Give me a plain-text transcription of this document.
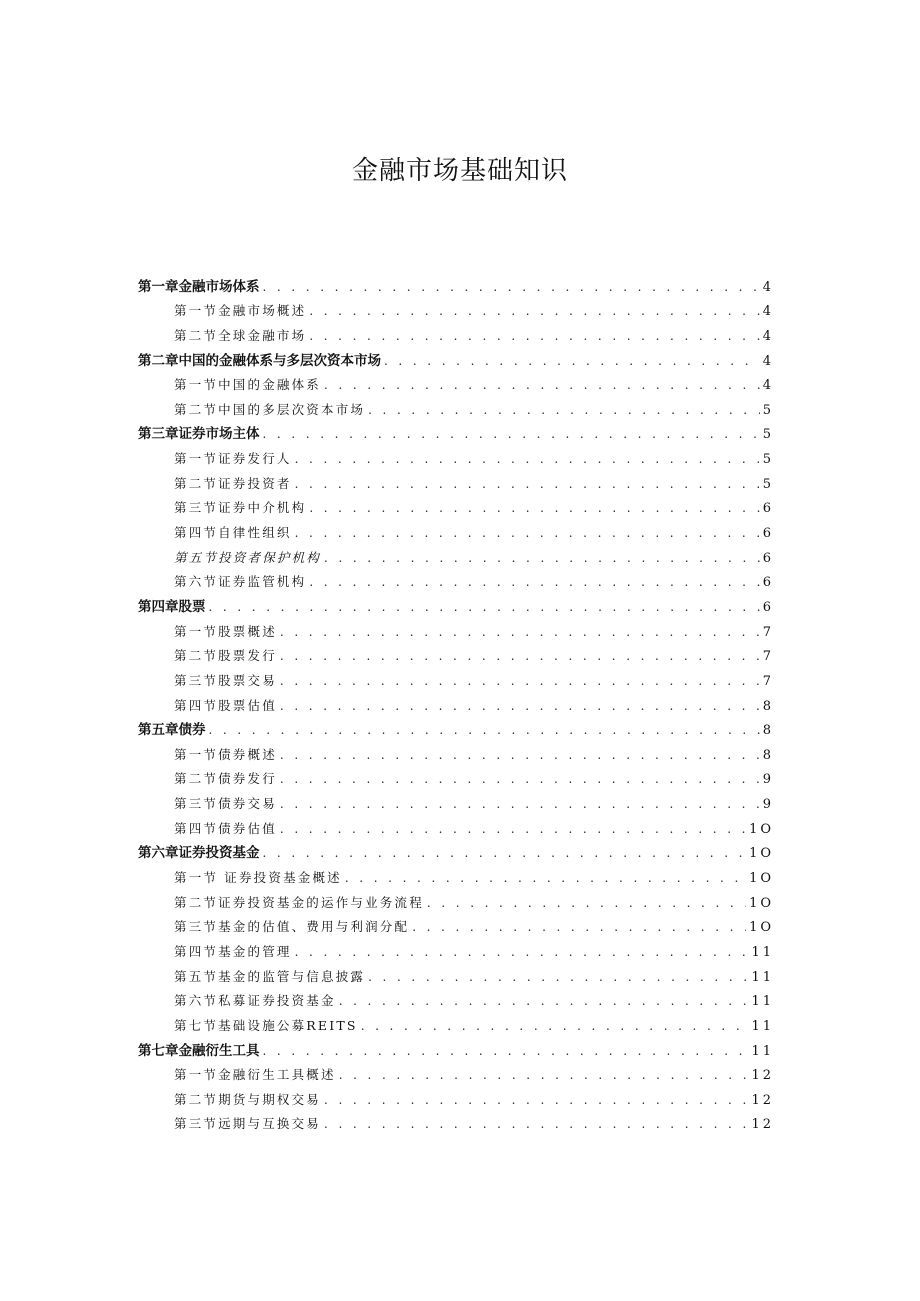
金融市场基础知识
第一章金融市场体系 . . .	4
第一节金融市场概述 . . .	4
第二节全球金融市场 . . .	4
第二章中国的金融体系与多层次资本市场 . . .	4
第一节中国的金融体系 . . .	4
第二节中国的多层次资本市场 . . .	5
第三章证券市场主体 . . .	5
第一节证券发行人 . . .	5
第二节证券投资者 . . .	5
第三节证券中介机构 . . .	6
第四节自律性组织 . . .	6
第五节投资者保护机构 . . .	6
第六节证券监管机构 . . .	6
第四章股票 . . .	6
第一节股票概述 . . .	7
第二节股票发行 . . .	7
第三节股票交易 . . .	7
第四节股票估值 . . .	8
第五章债券 . . .	8
第一节债券概述 . . .	8
第二节债券发行 . . .	9
第三节债券交易 . . .	9
第四节债券估值 . . .	1O
第六章证券投资基金 . . .	1O
第一节 证券投资基金概述 . . .	1O
第二节证券投资基金的运作与业务流程 . . .	1O
第三节基金的估值、费用与利润分配 . . .	1O
第四节基金的管理 . . .	11
第五节基金的监管与信息披露 . . .	11
第六节私募证券投资基金 . . .	11
第七节基础设施公募REITS . . .	11
第七章金融衍生工具 . . .	11
第一节金融衍生工具概述 . . .	12
第二节期货与期权交易 . . .	12
第三节远期与互换交易 . . .	12
